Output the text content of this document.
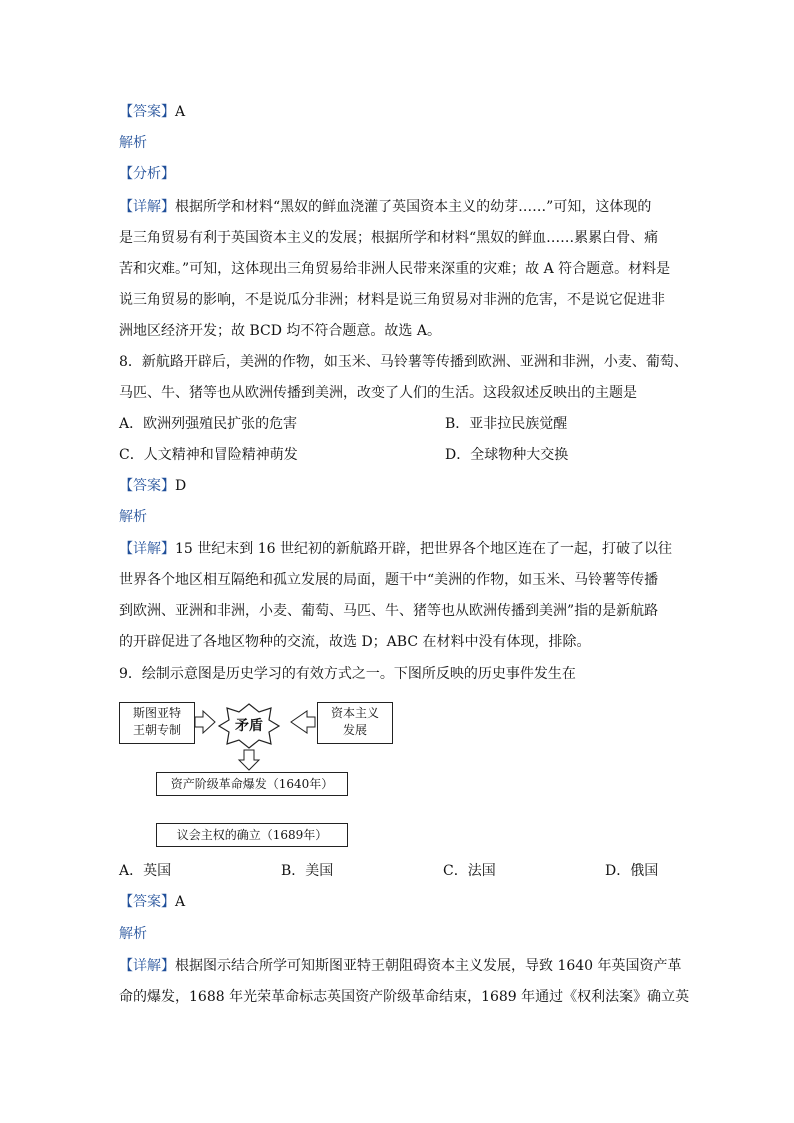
【答案】A
解析
【分析】
【详解】根据所学和材料“黑奴的鲜血浇灌了英国资本主义的幼芽……”可知，这体现的
是三角贸易有利于英国资本主义的发展；根据所学和材料“黑奴的鲜血……累累白骨、痛
苦和灾难。”可知，这体现出三角贸易给非洲人民带来深重的灾难；故 A 符合题意。材料是
说三角贸易的影响，不是说瓜分非洲；材料是说三角贸易对非洲的危害，不是说它促进非
洲地区经济开发；故 BCD 均不符合题意。故选 A。
8．新航路开辟后，美洲的作物，如玉米、马铃薯等传播到欧洲、亚洲和非洲，小麦、葡萄、
马匹、牛、猪等也从欧洲传播到美洲，改变了人们的生活。这段叙述反映出的主题是
A．欧洲列强殖民扩张的危害	B．亚非拉民族觉醒
C．人文精神和冒险精神萌发	D．全球物种大交换
【答案】D
解析
【详解】15 世纪末到 16 世纪初的新航路开辟，把世界各个地区连在了一起，打破了以往
世界各个地区相互隔绝和孤立发展的局面，题干中“美洲的作物，如玉米、马铃薯等传播
到欧洲、亚洲和非洲，小麦、葡萄、马匹、牛、猪等也从欧洲传播到美洲”指的是新航路
的开辟促进了各地区物种的交流，故选 D；ABC 在材料中没有体现，排除。
9．绘制示意图是历史学习的有效方式之一。下图所反映的历史事件发生在
斯图亚特
王朝专制	矛盾
资本主义
发展
资产阶级革命爆发（1640年）
议会主权的确立（1689年）
A．英国	B．美国	C．法国	D．俄国
【答案】A
解析
【详解】根据图示结合所学可知斯图亚特王朝阻碍资本主义发展，导致 1640 年英国资产革
命的爆发，1688 年光荣革命标志英国资产阶级革命结束，1689 年通过《权利法案》确立英
